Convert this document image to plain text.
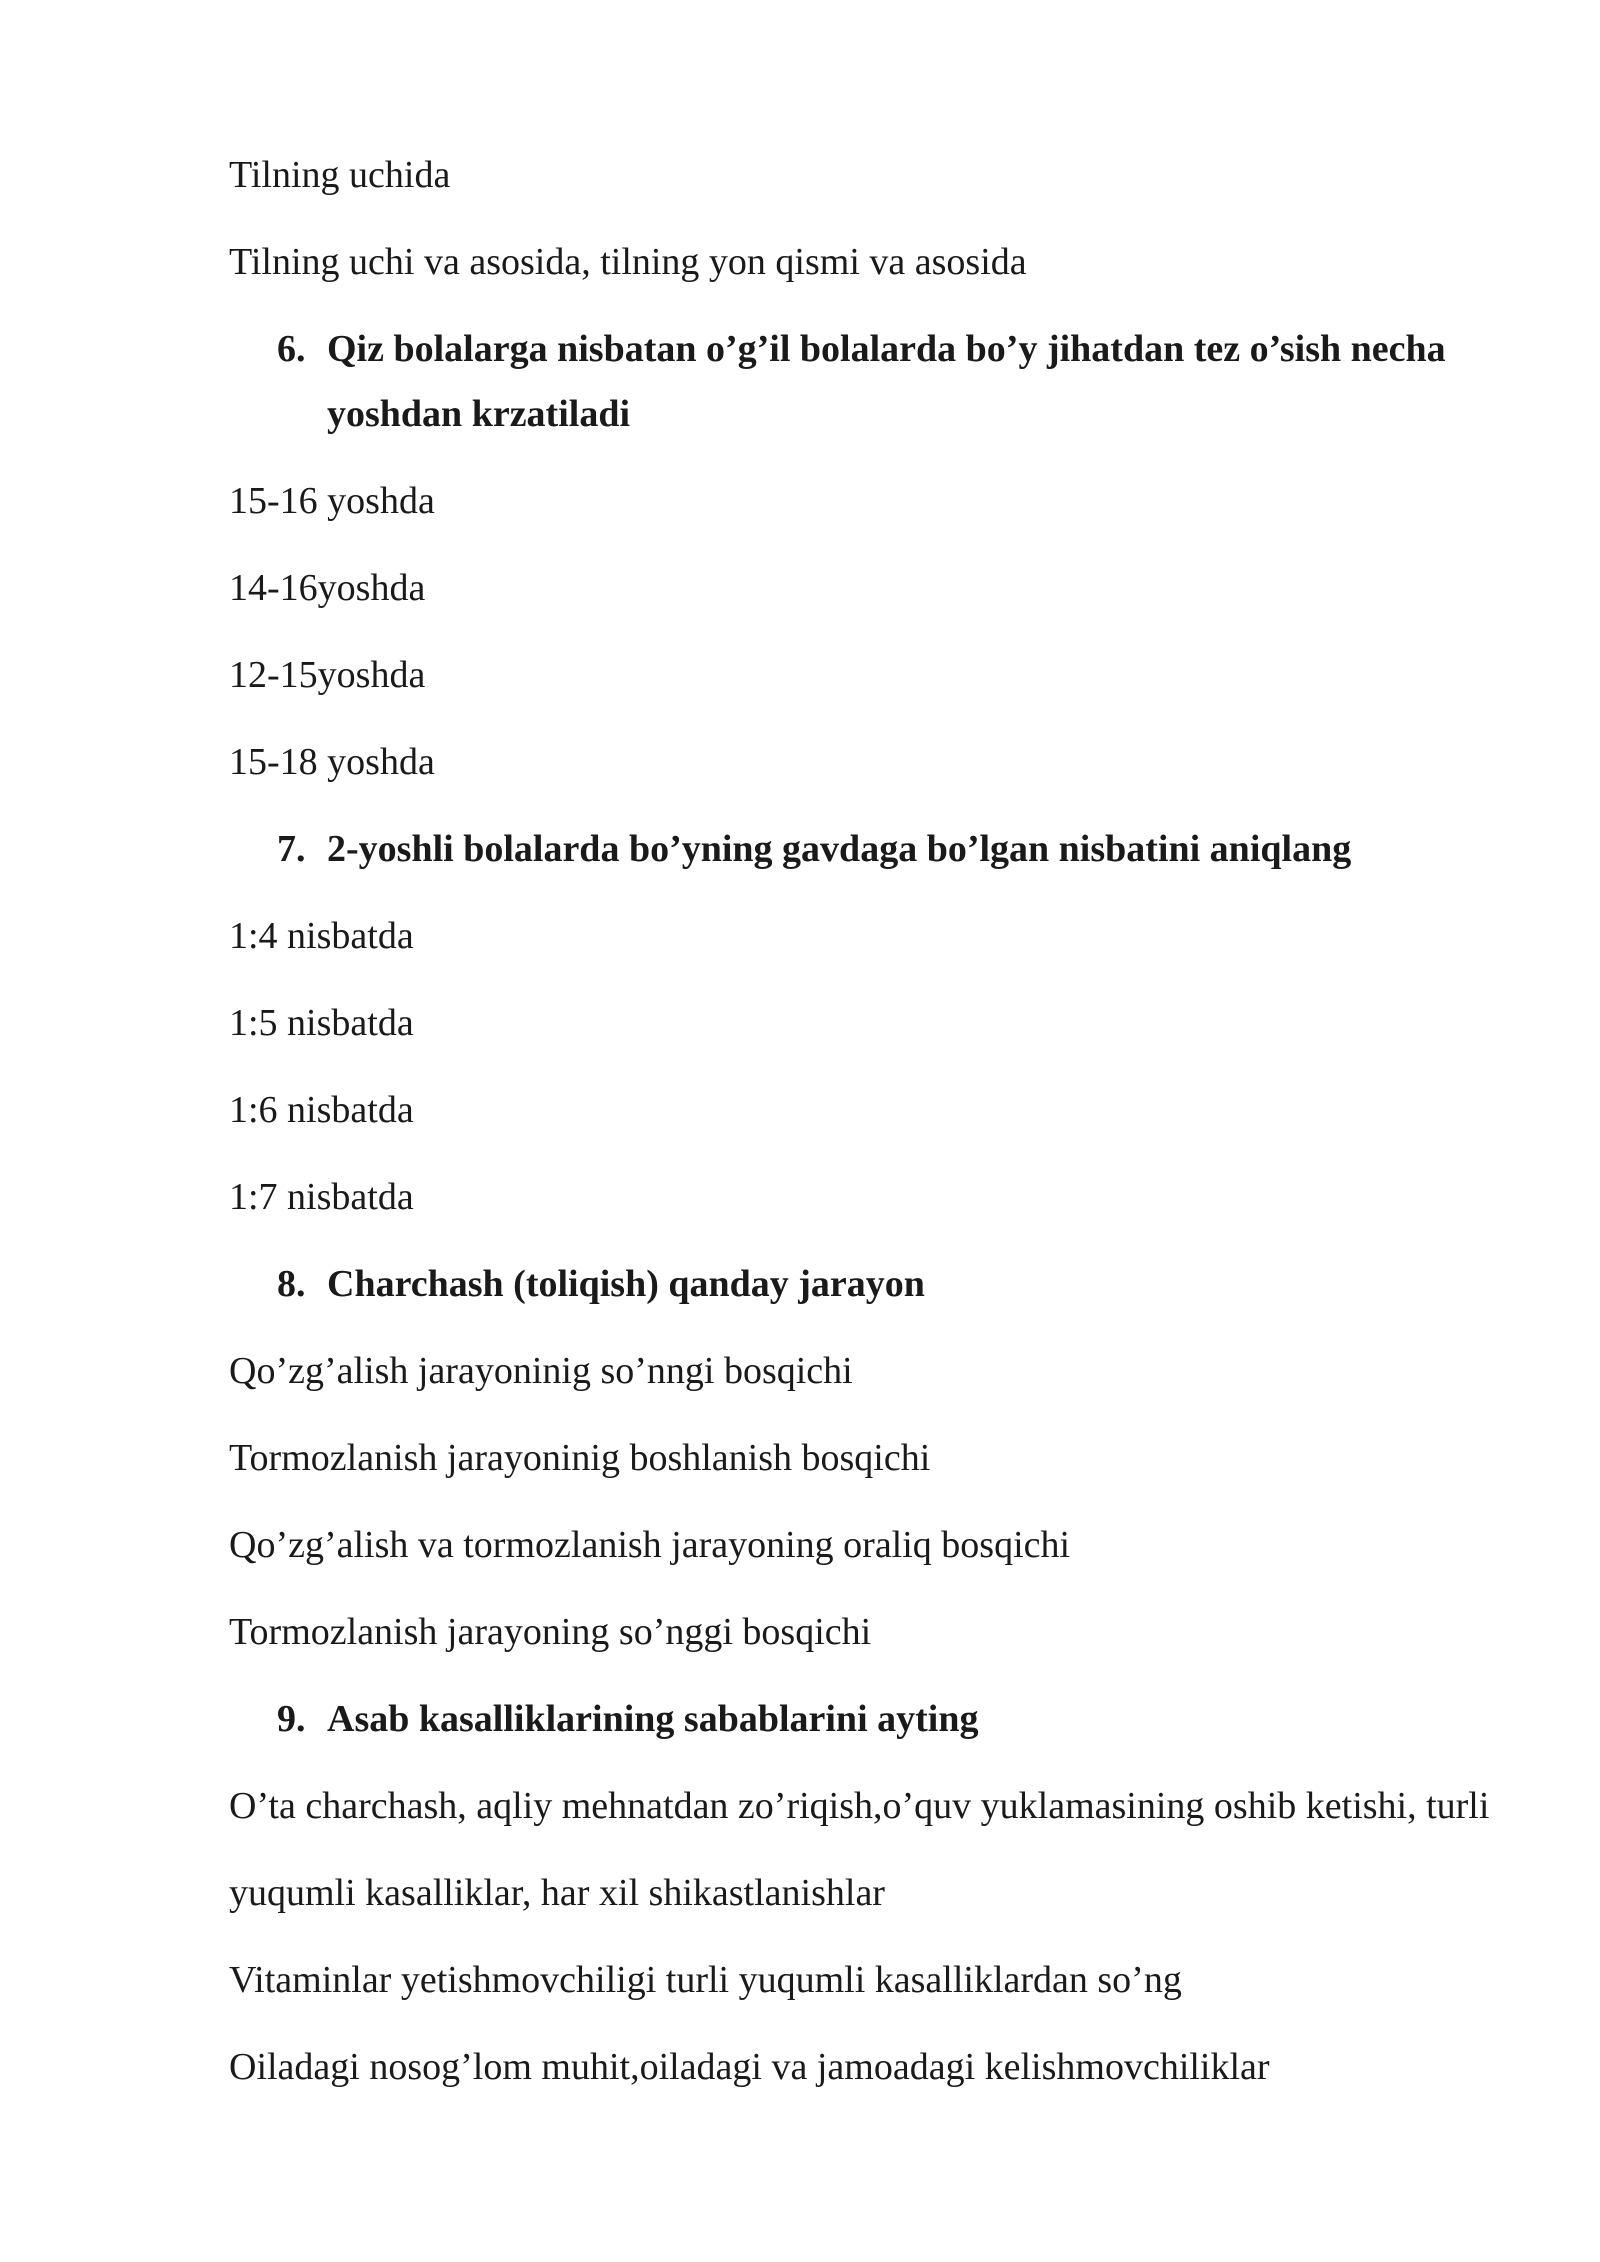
Tilning uchida
Tilning uchi va asosida, tilning yon qismi va asosida
6. Qiz bolalarga nisbatan o’g’il bolalarda bo’y jihatdan tez o’sish necha
yoshdan krzatiladi
15-16 yoshda
14-16yoshda
12-15yoshda
15-18 yoshda
7. 2-yoshli bolalarda bo’yning gavdaga bo’lgan nisbatini aniqlang
1:4 nisbatda
1:5 nisbatda
1:6 nisbatda
1:7 nisbatda
8. Charchash (toliqish) qanday jarayon
Qo’zg’alish jarayoninig so’nngi bosqichi
Tormozlanish jarayoninig boshlanish bosqichi
Qo’zg’alish va tormozlanish jarayoning oraliq bosqichi
Tormozlanish jarayoning so’nggi bosqichi
9. Asab kasalliklarining sabablarini ayting
O’ta charchash, aqliy mehnatdan zo’riqish,o’quv yuklamasining oshib ketishi, turli
yuqumli kasalliklar, har xil shikastlanishlar
Vitaminlar yetishmovchiligi turli yuqumli kasalliklardan so’ng
Oiladagi nosog’lom muhit,oiladagi va jamoadagi kelishmovchiliklar
